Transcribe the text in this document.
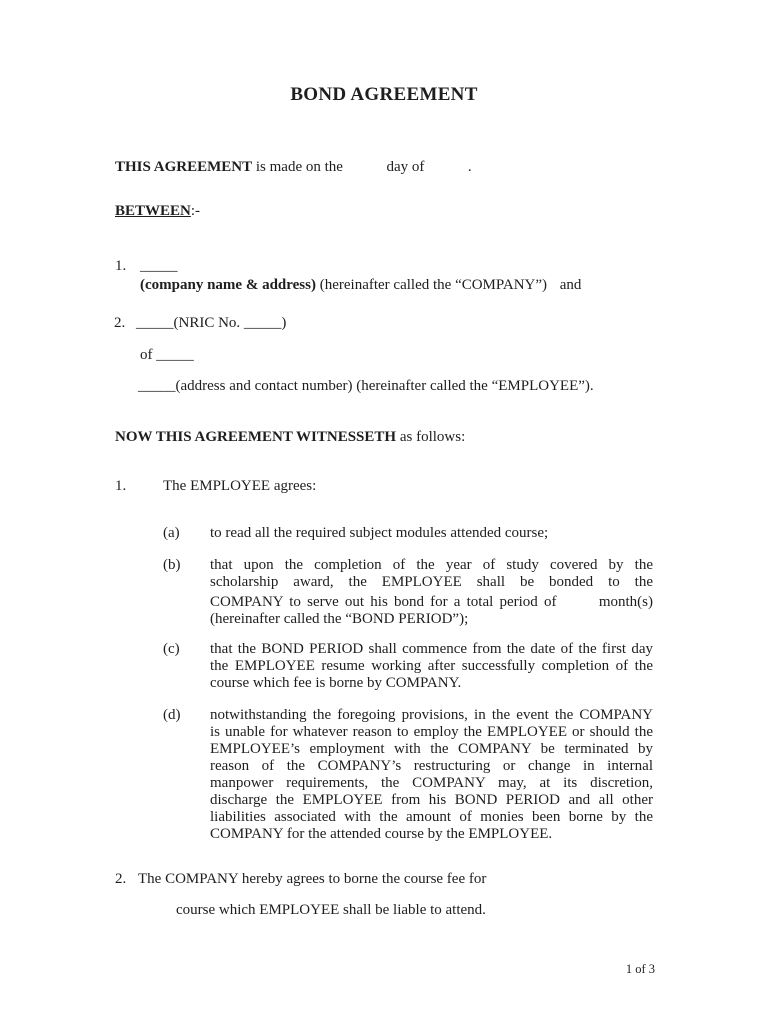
BOND AGREEMENT
THIS AGREEMENT is made on the	day of	.
BETWEEN:-
1. _____
(company name & address) (hereinafter called the “COMPANY”) and
2. _____(NRIC No. _____)
of _____
_____(address and contact number) (hereinafter called the “EMPLOYEE”).
NOW THIS AGREEMENT WITNESSETH as follows:
1. The EMPLOYEE agrees:
(a) to read all the required subject modules attended course;
(b) that upon the completion of the year of study covered by the
scholarship award, the EMPLOYEE shall be bonded to the
COMPANY to serve out his bond for a total period of	month(s)
(hereinafter called the “BOND PERIOD”);
(c) that the BOND PERIOD shall commence from the date of the first day
the EMPLOYEE resume working after successfully completion of the
course which fee is borne by COMPANY.
(d) notwithstanding the foregoing provisions, in the event the COMPANY
is unable for whatever reason to employ the EMPLOYEE or should the
EMPLOYEE’s employment with the COMPANY be terminated by
reason of the COMPANY’s restructuring or change in internal
manpower requirements, the COMPANY may, at its discretion,
discharge the EMPLOYEE from his BOND PERIOD and all other
liabilities associated with the amount of monies been borne by the
COMPANY for the attended course by the EMPLOYEE.
2. The COMPANY hereby agrees to borne the course fee for
course which EMPLOYEE shall be liable to attend.
1 of 3
